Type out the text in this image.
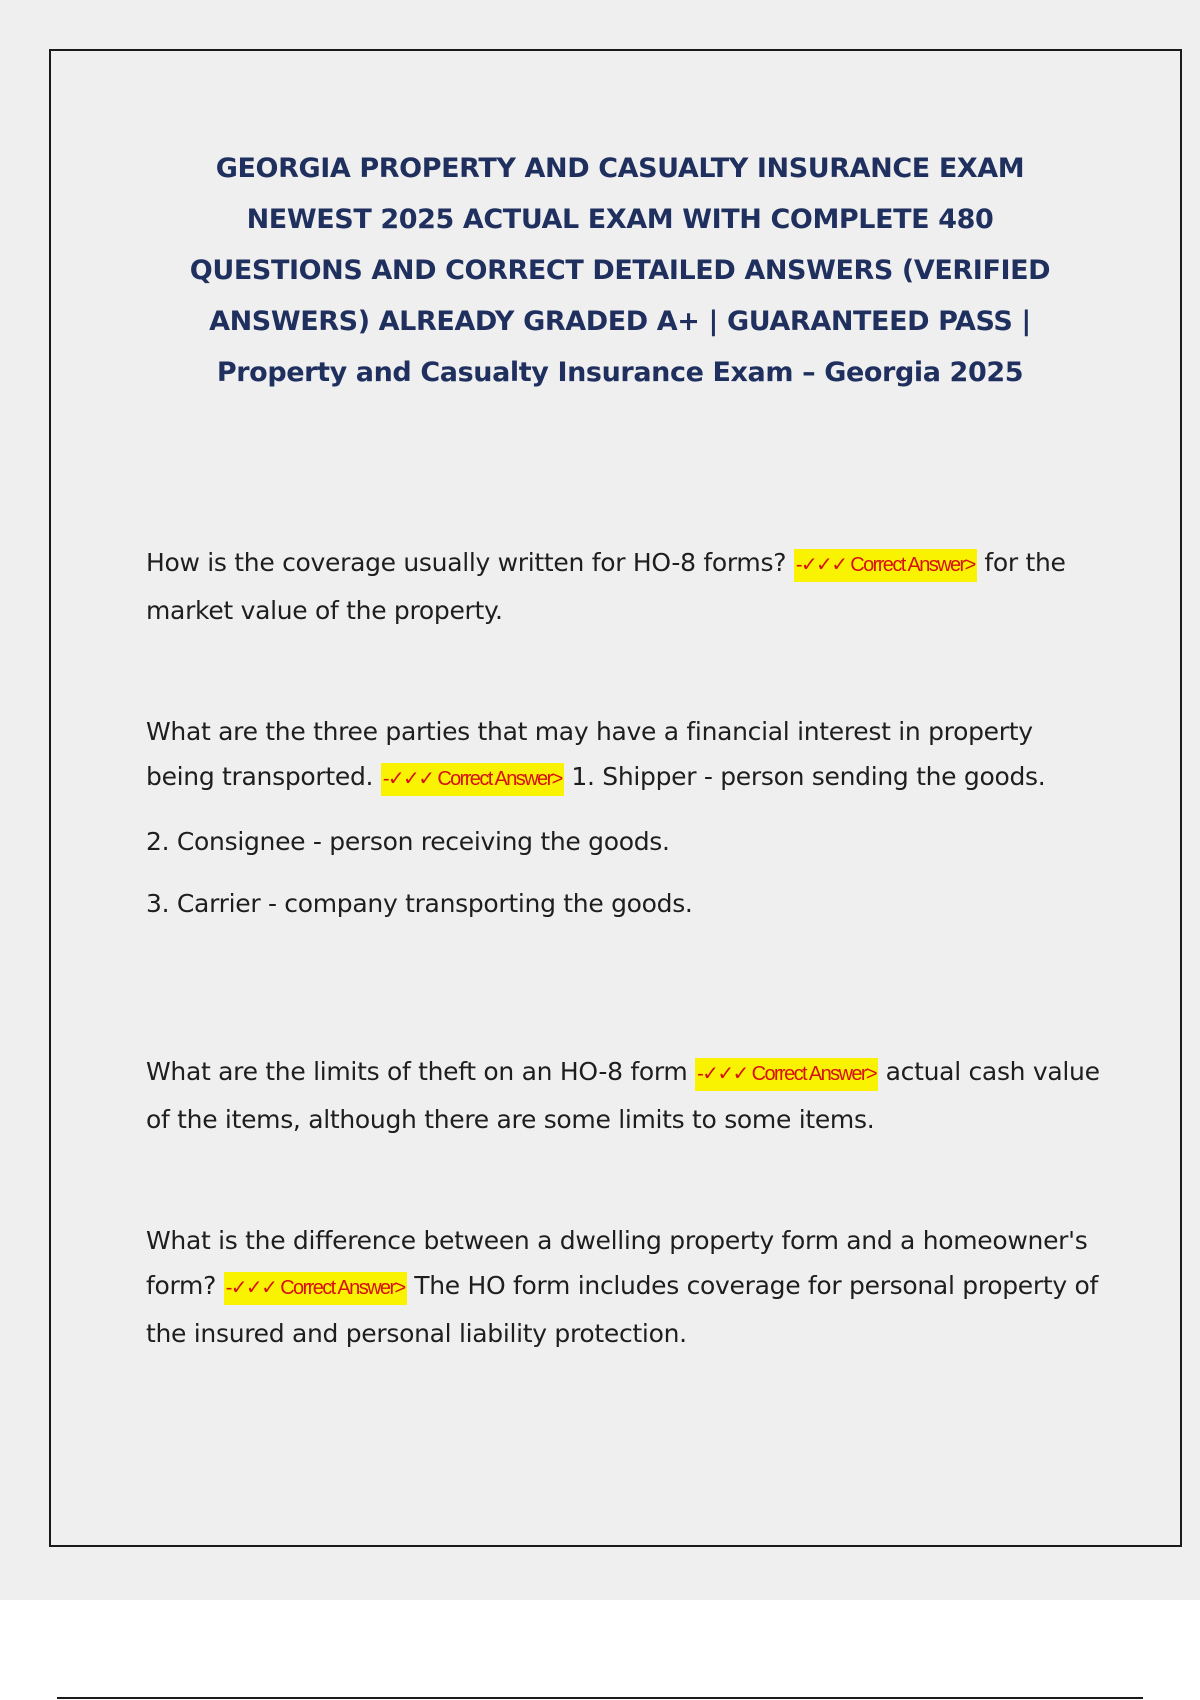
GEORGIA PROPERTY AND CASUALTY INSURANCE EXAM
NEWEST 2025 ACTUAL EXAM WITH COMPLETE 480
QUESTIONS AND CORRECT DETAILED ANSWERS (VERIFIED
ANSWERS) ALREADY GRADED A+ | GUARANTEED PASS |
Property and Casualty Insurance Exam – Georgia 2025

How is the coverage usually written for HO-8 forms? -✓✓✓ Correct Answer> for the market value of the property.

What are the three parties that may have a financial interest in property being transported. -✓✓✓ Correct Answer> 1. Shipper - person sending the goods.

2. Consignee - person receiving the goods.

3. Carrier - company transporting the goods.

What are the limits of theft on an HO-8 form -✓✓✓ Correct Answer> actual cash value of the items, although there are some limits to some items.

What is the difference between a dwelling property form and a homeowner's form? -✓✓✓ Correct Answer> The HO form includes coverage for personal property of the insured and personal liability protection.
